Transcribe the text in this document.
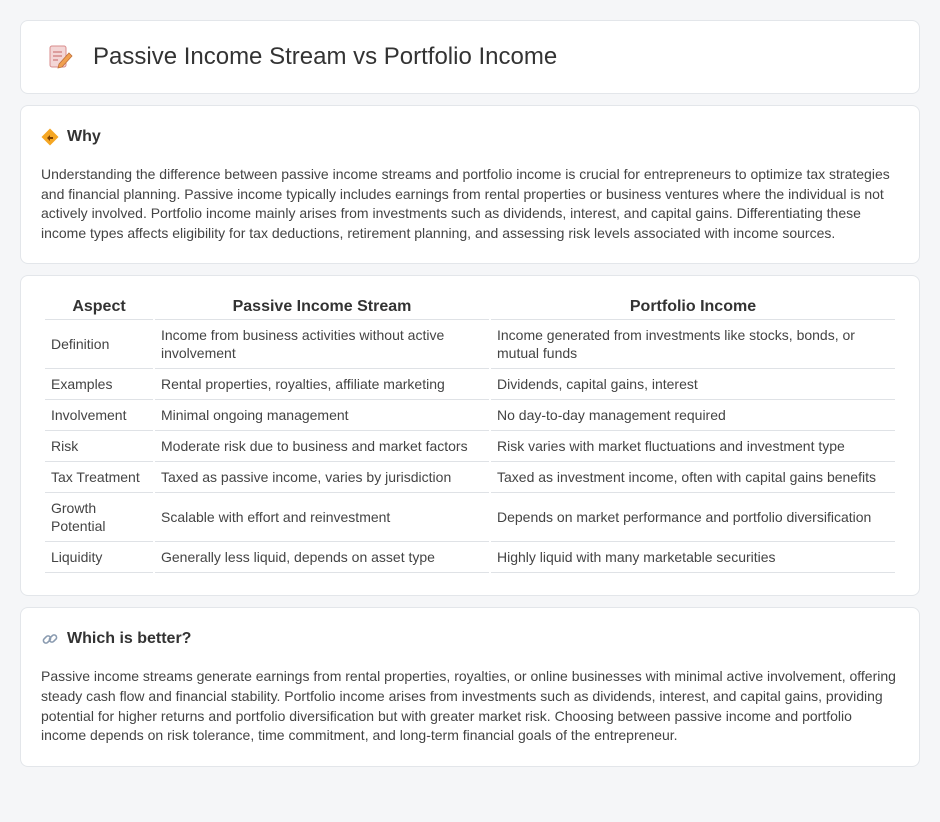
Passive Income Stream vs Portfolio Income
Why

Understanding the difference between passive income streams and portfolio income is crucial for entrepreneurs to optimize tax strategies and financial planning. Passive income typically includes earnings from rental properties or business ventures where the individual is not actively involved. Portfolio income mainly arises from investments such as dividends, interest, and capital gains. Differentiating these income types affects eligibility for tax deductions, retirement planning, and assessing risk levels associated with income sources.

Aspect	Passive Income Stream	Portfolio Income
Definition	Income from business activities without active involvement	Income generated from investments like stocks, bonds, or mutual funds
Examples	Rental properties, royalties, affiliate marketing	Dividends, capital gains, interest
Involvement	Minimal ongoing management	No day-to-day management required
Risk	Moderate risk due to business and market factors	Risk varies with market fluctuations and investment type
Tax Treatment	Taxed as passive income, varies by jurisdiction	Taxed as investment income, often with capital gains benefits
Growth Potential	Scalable with effort and reinvestment	Depends on market performance and portfolio diversification
Liquidity	Generally less liquid, depends on asset type	Highly liquid with many marketable securities
Which is better?

Passive income streams generate earnings from rental properties, royalties, or online businesses with minimal active involvement, offering steady cash flow and financial stability. Portfolio income arises from investments such as dividends, interest, and capital gains, providing potential for higher returns and portfolio diversification but with greater market risk. Choosing between passive income and portfolio income depends on risk tolerance, time commitment, and long-term financial goals of the entrepreneur.
